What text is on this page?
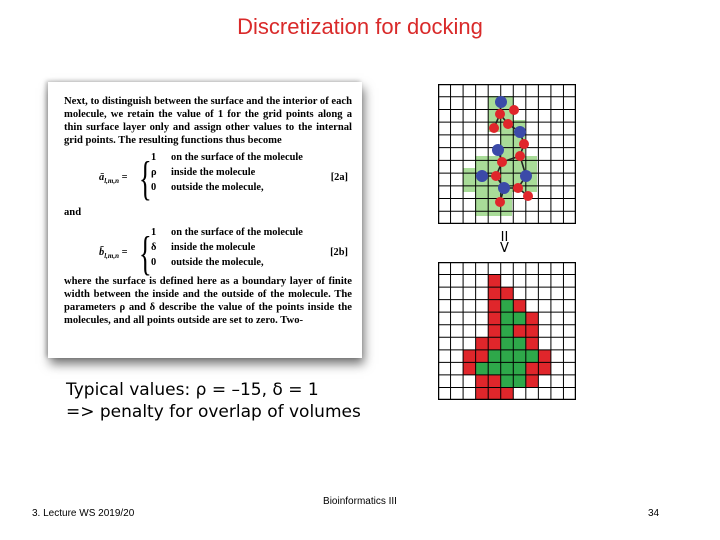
Discretization for docking
Next, to distinguish between the surface and the interior of each molecule, we retain the value of 1 for the grid points along a thin surface layer only and assign other values to the internal grid points. The resulting functions thus become
$ā_{l,m,n}$ = { 1 on the surface of the molecule
ρ inside the molecule
0 outside the molecule,
[2a]
and
$b̄_{l,m,n}$ = { 1 on the surface of the molecule
δ inside the molecule
0 outside the molecule,
[2b]
where the surface is defined here as a boundary layer of finite width between the inside and the outside of the molecule. The parameters ρ and δ describe the value of the points inside the molecules, and all points outside are set to zero. Two-
Typical values: ρ = –15, δ = 1
=> penalty for overlap of volumes
II
V
3. Lecture WS 2019/20
Bioinformatics III
34
